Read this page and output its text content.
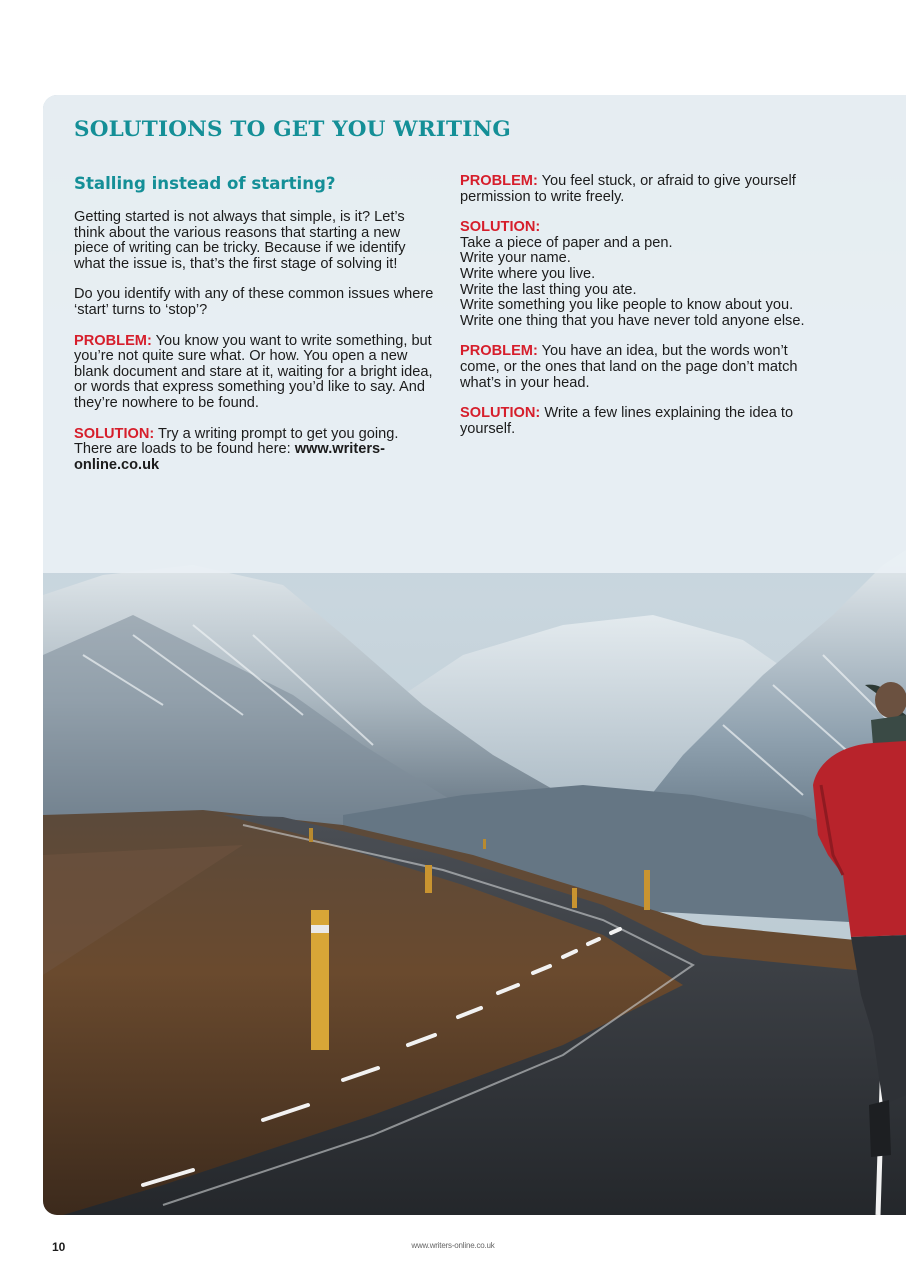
SOLUTIONS TO GET YOU WRITING
Stalling instead of starting?

Getting started is not always that simple, is it? Let’s think about the various reasons that starting a new piece of writing can be tricky. Because if we identify what the issue is, that’s the first stage of solving it!

Do you identify with any of these common issues where ‘start’ turns to ‘stop’?

PROBLEM: You know you want to write something, but you’re not quite sure what. Or how. You open a new blank document and stare at it, waiting for a bright idea, or words that express something you’d like to say. And they’re nowhere to be found.

SOLUTION: Try a writing prompt to get you going. There are loads to be found here: www.writers-online.co.uk

PROBLEM: You feel stuck, or afraid to give yourself permission to write freely.

SOLUTION:
Take a piece of paper and a pen.
Write your name.
Write where you live.
Write the last thing you ate.
Write something you like people to know about you.
Write one thing that you have never told anyone else.

PROBLEM: You have an idea, but the words won’t come, or the ones that land on the page don’t match what’s in your head.

SOLUTION: Write a few lines explaining the idea to yourself.

10	www.writers-online.co.uk
